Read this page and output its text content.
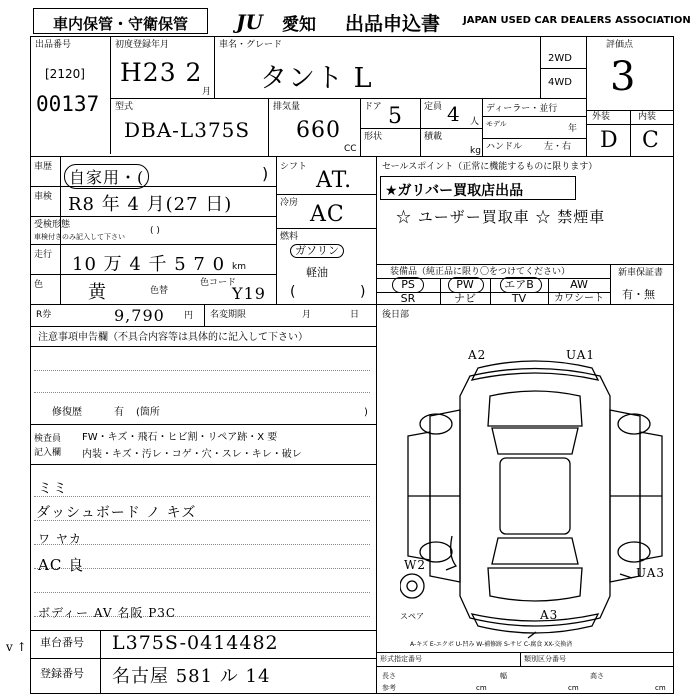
車内保管・守衛保管	JU	愛知 出品申込書 JAPAN USED CAR DEALERS ASSOCIATION
出品番号
[2120]
00137
初度登録年月
H23 2
月
車名・グレード
タント L
2WD
4WD
評価点
3
型式
DBA-L375S
排気量
660
CC
ドア 5
形状
定員 4 人
積載
kg
ディーラー・並行
モデル	年
ハンドル 左・右
外装	内装
D C
車歴
自家用・(	)
車検 R8 年 4 月(27 日)
受検形態
車検付きのみ記入して下さい
( )
走行 10 万 4 千 5 7 0 km
色 黄	色替
色コード
Y19
シフト
AT.
冷房 AC
燃料
ガソリン
軽油
(	)
セールスポイント（正常に機能するものに限ります）
★ガリバー買取店出品
☆ ユーザー買取車 ☆ 禁煙車
装備品（純正品に限り〇をつけてください）
PS	PW	エアB	AW
SR	ナビ	TV	カワシート
新車保証書
有・無
R券	9,790 円 名変期限	月	日	後日部
注意事項申告欄（不具合内容等は具体的に記入して下さい）
修復歴	有 (箇所	)
検査員
記入欄
FW・キズ・飛石・ヒビ割・リペア跡・X 要
内装・キズ・汚レ・コゲ・穴・スレ・キレ・破レ
ミミ
ダッシュボード ノ キズ
ワ ヤカ
AC 良
ボディー AV 名阪 P3C
v ↑ 車台番号 L375S-0414482
登録番号 名古屋 581 ル 14
形式指定番号	類別区分番号
長さ
参考	cm
幅
cm
高さ
cm
A2	UA1
W2
UA3
A3
スペア
A-キズ E-エクボ U-凹み W-補修跡 S-サビ C-腐食 XX-交換済
